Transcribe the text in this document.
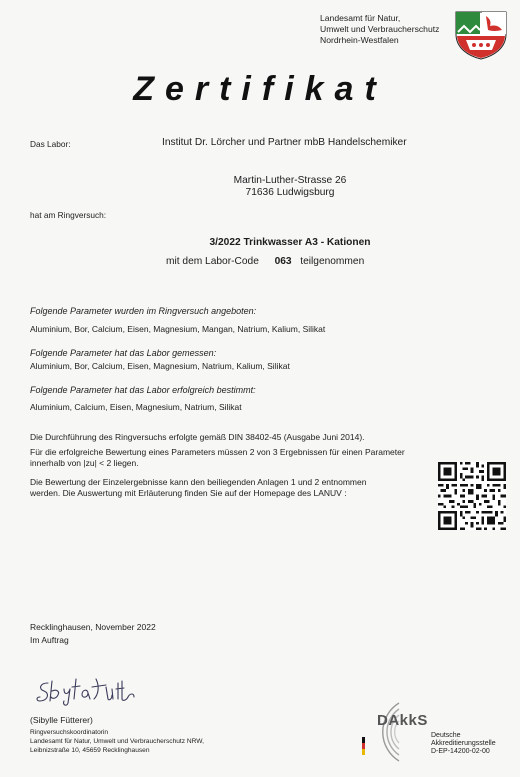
Landesamt für Natur,
Umwelt und Verbraucherschutz
Nordrhein-Westfalen
Zertifikat
Das Labor:	Institut Dr. Lörcher und Partner mbB Handelschemiker
Martin-Luther-Strasse 26
71636 Ludwigsburg
hat am Ringversuch:
3/2022 Trinkwasser A3 - Kationen
mit dem Labor-Code 063 teilgenommen
Folgende Parameter wurden im Ringversuch angeboten:
Aluminium, Bor, Calcium, Eisen, Magnesium, Mangan, Natrium, Kalium, Silikat
Folgende Parameter hat das Labor gemessen:
Aluminium, Bor, Calcium, Eisen, Magnesium, Natrium, Kalium, Silikat
Folgende Parameter hat das Labor erfolgreich bestimmt:
Aluminium, Calcium, Eisen, Magnesium, Natrium, Silikat
Die Durchführung des Ringversuchs erfolgte gemäß DIN 38402-45 (Ausgabe Juni 2014).
Für die erfolgreiche Bewertung eines Parameters müssen 2 von 3 Ergebnissen für einen Parameter
innerhalb von |zu| < 2 liegen.
Die Bewertung der Einzelergebnisse kann den beiliegenden Anlagen 1 und 2 entnommen
werden. Die Auswertung mit Erläuterung finden Sie auf der Homepage des LANUV :
Recklinghausen, November 2022
Im Auftrag
(Sibylle Fütterer)
Ringversuchskoordinatorin
Landesamt für Natur, Umwelt und Verbraucherschutz NRW,
Leibnizstraße 10, 45659 Recklinghausen
DAkkS
Deutsche
Akkreditierungsstelle
D-EP-14200-02-00
